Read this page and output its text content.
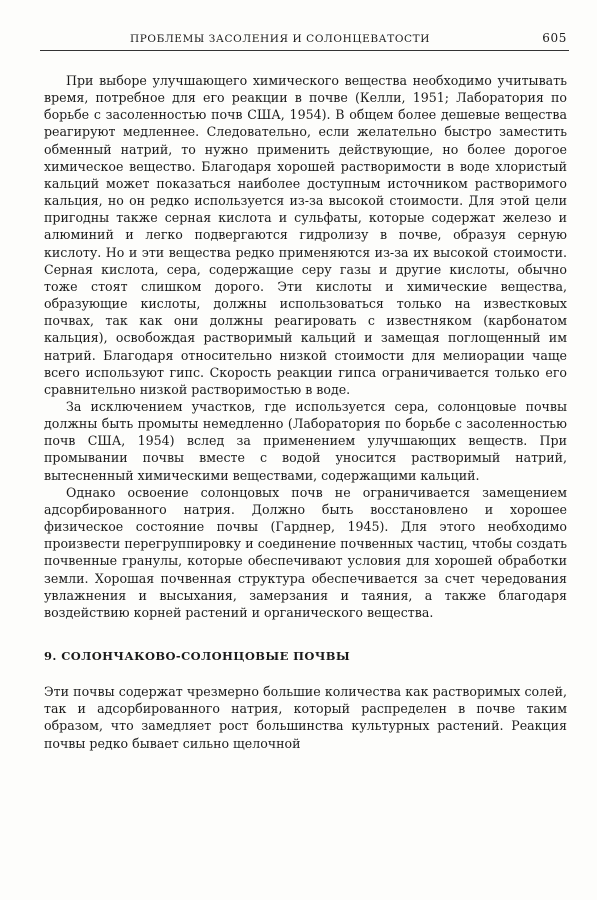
ПРОБЛЕМЫ ЗАСОЛЕНИЯ И СОЛОНЦЕВАТОСТИ	605

При выборе улучшающего химического вещества необходимо учитывать время, потребное для его реакции в почве (Келли, 1951; Лаборатория по борьбе с засоленностью почв США, 1954). В общем более дешевые вещества реагируют медленнее. Следовательно, если желательно быстро заместить обменный натрий, то нужно применить действующие, но более дорогое химическое вещество. Благодаря хорошей растворимости в воде хлористый кальций может показаться наиболее доступным источником растворимого кальция, но он редко используется из-за высокой стоимости. Для этой цели пригодны также серная кислота и сульфаты, которые содержат железо и алюминий и легко подвергаются гидролизу в почве, образуя серную кислоту. Но и эти вещества редко применяются из-за их высокой стоимости. Серная кислота, сера, содержащие серу газы и другие кислоты, обычно тоже стоят слишком дорого. Эти кислоты и химические вещества, образующие кислоты, должны использоваться только на известковых почвах, так как они должны реагировать с известняком (карбонатом кальция), освобождая растворимый кальций и замещая поглощенный им натрий. Благодаря относительно низкой стоимости для мелиорации чаще всего используют гипс. Скорость реакции гипса ограничивается только его сравнительно низкой растворимостью в воде.

За исключением участков, где используется сера, солонцовые почвы должны быть промыты немедленно (Лаборатория по борьбе с засоленностью почв США, 1954) вслед за применением улучшающих веществ. При промывании почвы вместе с водой уносится растворимый натрий, вытесненный химическими веществами, содержащими кальций.

Однако освоение солонцовых почв не ограничивается замещением адсорбированного натрия. Должно быть восстановлено и хорошее физическое состояние почвы (Гарднер, 1945). Для этого необходимо произвести перегруппировку и соединение почвенных частиц, чтобы создать почвенные гранулы, которые обеспечивают условия для хорошей обработки земли. Хорошая почвенная структура обеспечивается за счет чередования увлажнения и высыхания, замерзания и таяния, а также благодаря воздействию корней растений и органического вещества.

9. СОЛОНЧАКОВО-СОЛОНЦОВЫЕ ПОЧВЫ

Эти почвы содержат чрезмерно большие количества как растворимых солей, так и адсорбированного натрия, который распределен в почве таким образом, что замедляет рост большинства культурных растений. Реакция почвы редко бывает сильно щелочной
